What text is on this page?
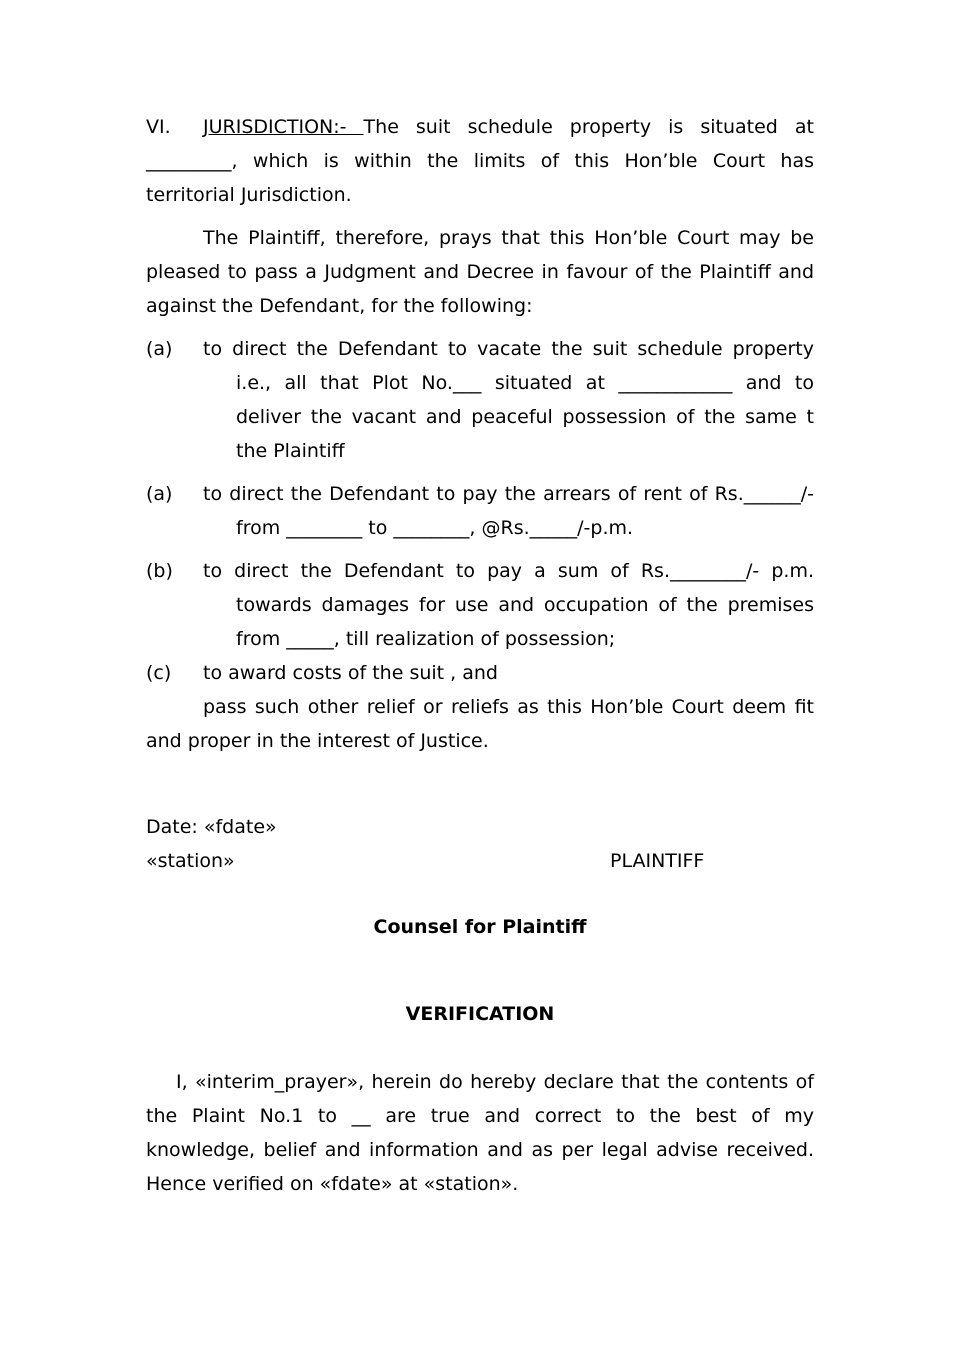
VI. JURISDICTION:- The suit schedule property is situated at
_________, which is within the limits of this Hon’ble Court has
territorial Jurisdiction.
The Plaintiff, therefore, prays that this Hon’ble Court may be
pleased to pass a Judgment and Decree in favour of the Plaintiff and
against the Defendant, for the following:
(a) to direct the Defendant to vacate the suit schedule property
i.e., all that Plot No.___ situated at ____________ and to
deliver the vacant and peaceful possession of the same t
the Plaintiff
(a) to direct the Defendant to pay the arrears of rent of Rs.______/-
from ________ to ________, @Rs._____/-p.m.
(b) to direct the Defendant to pay a sum of Rs.________/- p.m.
towards damages for use and occupation of the premises
from _____, till realization of possession;
(c) to award costs of the suit , and
pass such other relief or reliefs as this Hon’ble Court deem fit
and proper in the interest of Justice.
Date: «fdate»
«station»	PLAINTIFF
Counsel for Plaintiff
VERIFICATION
I, «interim_prayer», herein do hereby declare that the contents of
the Plaint No.1 to __ are true and correct to the best of my
knowledge, belief and information and as per legal advise received.
Hence verified on «fdate» at «station».
